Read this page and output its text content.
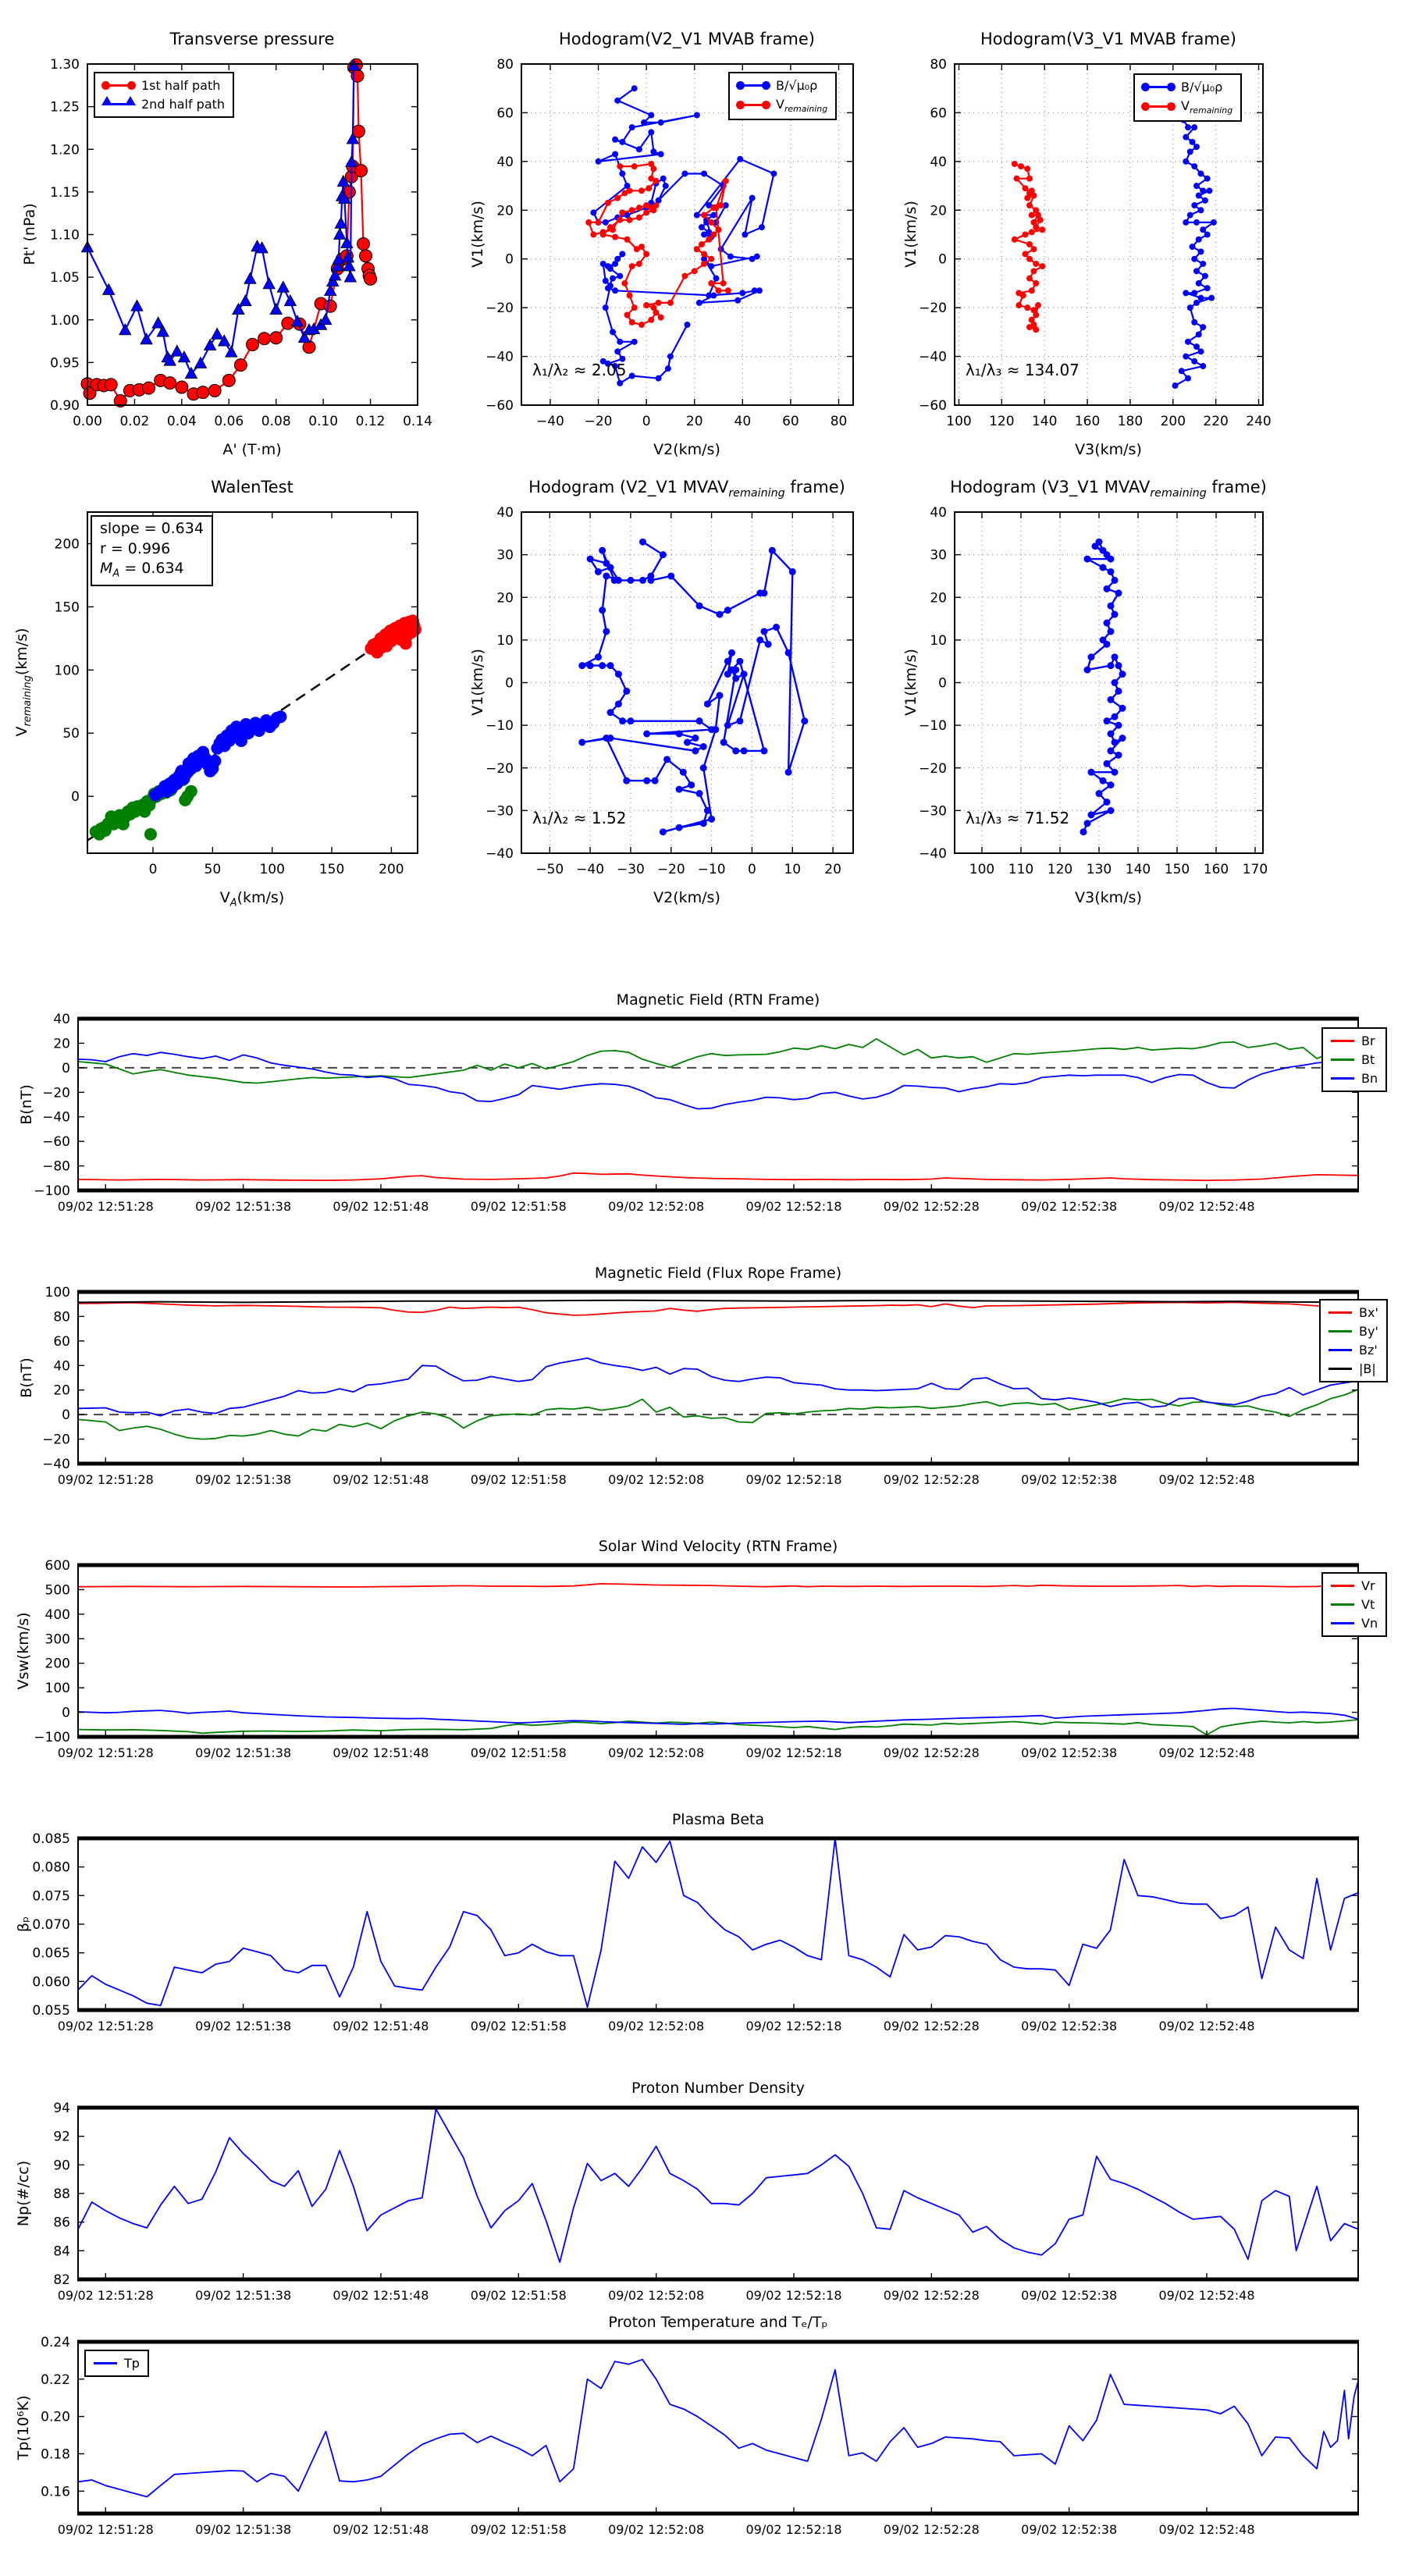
0.00 0.02 0.04 0.06 0.08 0.10 0.12 0.14
0.90
0.95
1.00
1.05
1.10
1.15
1.20
1.25
1.30
−40 −20 0	20 40 60 80
−60
−40
−20
0
20
40
60
80
100 120 140 160 180 200 220 240
−60
−40
−20
0
20
40
60
80
0	50	100	150	200
0
50
100
150
200
−50 −40 −30 −20 −10 0 10 20
−40
−30
−20
−10
0
10
20
30
40
100 110 120 130 140 150 160 170
−40
−30
−20
−10
0
10
20
30
40
09/02 12:51:28	09/02 12:51:38	09/02 12:51:48	09/02 12:51:58	09/02 12:52:08	09/02 12:52:18	09/02 12:52:28	09/02 12:52:38	09/02 12:52:48
−100
−80
−60
−40
−20
0
20
40
09/02 12:51:28	09/02 12:51:38	09/02 12:51:48	09/02 12:51:58	09/02 12:52:08	09/02 12:52:18	09/02 12:52:28	09/02 12:52:38	09/02 12:52:48
−40
−20
0
20
40
60
80
100
09/02 12:51:28	09/02 12:51:38	09/02 12:51:48	09/02 12:51:58	09/02 12:52:08	09/02 12:52:18	09/02 12:52:28	09/02 12:52:38	09/02 12:52:48
−100
0
100
200
300
400
500
600
09/02 12:51:28	09/02 12:51:38	09/02 12:51:48	09/02 12:51:58	09/02 12:52:08	09/02 12:52:18	09/02 12:52:28	09/02 12:52:38	09/02 12:52:48
0.055
0.060
0.065
0.070
0.075
0.080
0.085
09/02 12:51:28	09/02 12:51:38	09/02 12:51:48	09/02 12:51:58	09/02 12:52:08	09/02 12:52:18	09/02 12:52:28	09/02 12:52:38	09/02 12:52:48
82
84
86
88
90
92
94
09/02 12:51:28	09/02 12:51:38	09/02 12:51:48	09/02 12:51:58	09/02 12:52:08	09/02 12:52:18	09/02 12:52:28	09/02 12:52:38	09/02 12:52:48
0.16
0.18
0.20
0.22
0.24
Transverse pressure	Hodogram(V2_V1 MVAB frame)	Hodogram(V3_V1 MVAB frame)
WalenTest	Hodogram (V2_V1 $MVAV_{remaining}$ frame)	Hodogram (V3_V1 $MVAV_{remaining}$ frame)
A' (T·m)	V2(km/s)	V3(km/s)
$V_A(km/s)$	V2(km/s)	V3(km/s)
Pt' (nPa)	V1(km/s)	V1(km/s)
$V_{remaining}(km/s)$	V1(km/s)	V1(km/s)
Magnetic Field (RTN Frame)
Magnetic Field (Flux Rope Frame)
Solar Wind Velocity (RTN Frame)
Plasma Beta
Proton Number Density
Proton Temperature and Tₑ/Tₚ
B(nT)
B(nT)
Vsw(km/s)
βₚ
Np(#/cc)
Tp(10⁶K)
1st half path
2nd half path
B/√μ₀ρ
$V_{remaining}$
B/√μ₀ρ
$V_{remaining}$
slope = 0.634
r = 0.996
$M_A = 0.634$
Br
Bt
Bn
Bx'
By'
Bz'
|B|
Vr
Vt
Vn
Tp
λ₁/λ₂ ≈ 2.05	λ₁/λ₃ ≈ 134.07
λ₁/λ₂ ≈ 1.52	λ₁/λ₃ ≈ 71.52
